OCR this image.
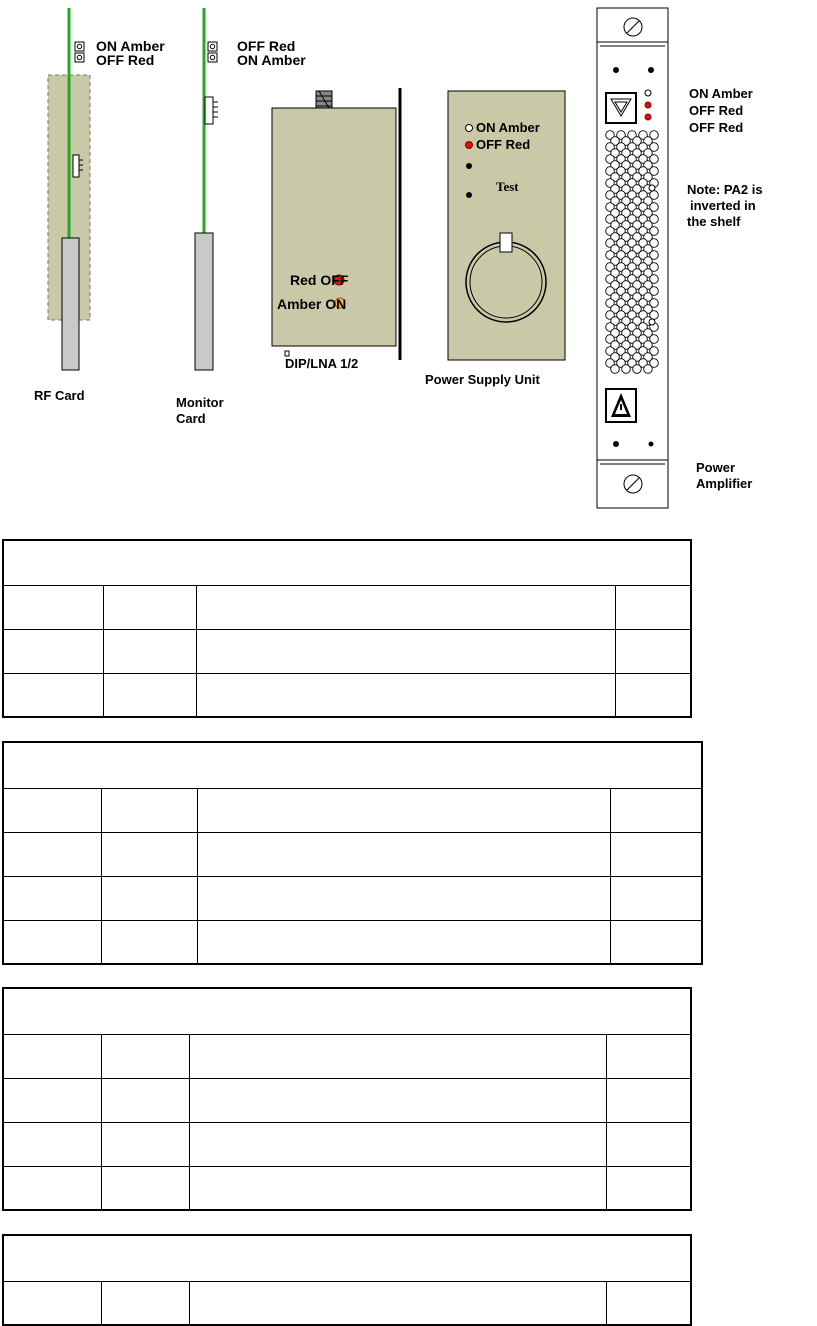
ON Amber
OFF Red
RF Card
OFF Red
ON Amber
Monitor
Card
Red OFF
Amber ON
DIP/LNA 1/2
ON Amber
OFF Red
Test
Power Supply Unit
ON Amber
OFF Red
OFF Red
Note: PA2 is
inverted in
the shelf
Power
Amplifier
